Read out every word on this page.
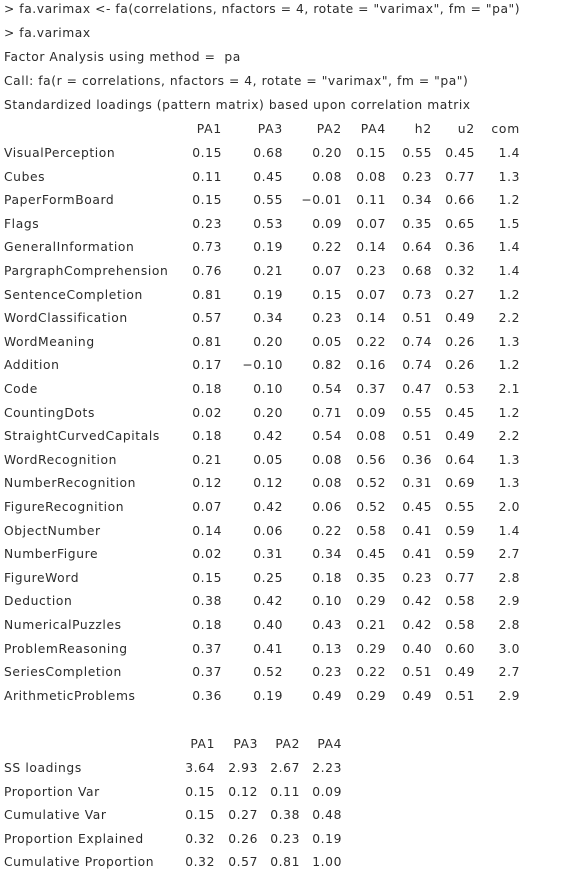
> fa.varimax <- fa(correlations, nfactors = 4, rotate = "varimax", fm = "pa")
> fa.varimax
Factor Analysis using method =  pa
Call: fa(r = correlations, nfactors = 4, rotate = "varimax", fm = "pa")
Standardized loadings (pattern matrix) based upon correlation matrix
PA1	PA3	PA2 PA4 h2 u2 com
VisualPerception	0.15	0.68 0.20 0.15 0.55 0.45 1.4
Cubes	0.11	0.45 0.08 0.08 0.23 0.77 1.3
PaperFormBoard	0.15	0.55 −0.01 0.11 0.34 0.66 1.2
Flags	0.23	0.53 0.09 0.07 0.35 0.65 1.5
GeneralInformation	0.73	0.19 0.22 0.14 0.64 0.36 1.4
PargraphComprehension 0.76	0.21 0.07 0.23 0.68 0.32 1.4
SentenceCompletion	0.81	0.19 0.15 0.07 0.73 0.27 1.2
WordClassification	0.57	0.34 0.23 0.14 0.51 0.49 2.2
WordMeaning	0.81	0.20 0.05 0.22 0.74 0.26 1.3
Addition	0.17 −0.10 0.82 0.16 0.74 0.26 1.2
Code	0.18	0.10 0.54 0.37 0.47 0.53 2.1
CountingDots	0.02	0.20 0.71 0.09 0.55 0.45 1.2
StraightCurvedCapitals	0.18	0.42 0.54 0.08 0.51 0.49 2.2
WordRecognition	0.21	0.05 0.08 0.56 0.36 0.64 1.3
NumberRecognition	0.12	0.12 0.08 0.52 0.31 0.69 1.3
FigureRecognition	0.07	0.42 0.06 0.52 0.45 0.55 2.0
ObjectNumber	0.14	0.06 0.22 0.58 0.41 0.59 1.4
NumberFigure	0.02	0.31 0.34 0.45 0.41 0.59 2.7
FigureWord	0.15	0.25 0.18 0.35 0.23 0.77 2.8
Deduction	0.38	0.42 0.10 0.29 0.42 0.58 2.9
NumericalPuzzles	0.18	0.40 0.43 0.21 0.42 0.58 2.8
ProblemReasoning	0.37	0.41 0.13 0.29 0.40 0.60 3.0
SeriesCompletion	0.37	0.52 0.23 0.22 0.51 0.49 2.7
ArithmeticProblems	0.36	0.19 0.49 0.29 0.49 0.51 2.9
PA1 PA3 PA2 PA4
SS loadings	3.64 2.93 2.67 2.23
Proportion Var	0.15 0.12 0.11 0.09
Cumulative Var	0.15 0.27 0.38 0.48
Proportion Explained	0.32 0.26 0.23 0.19
Cumulative Proportion	0.32 0.57 0.81 1.00
